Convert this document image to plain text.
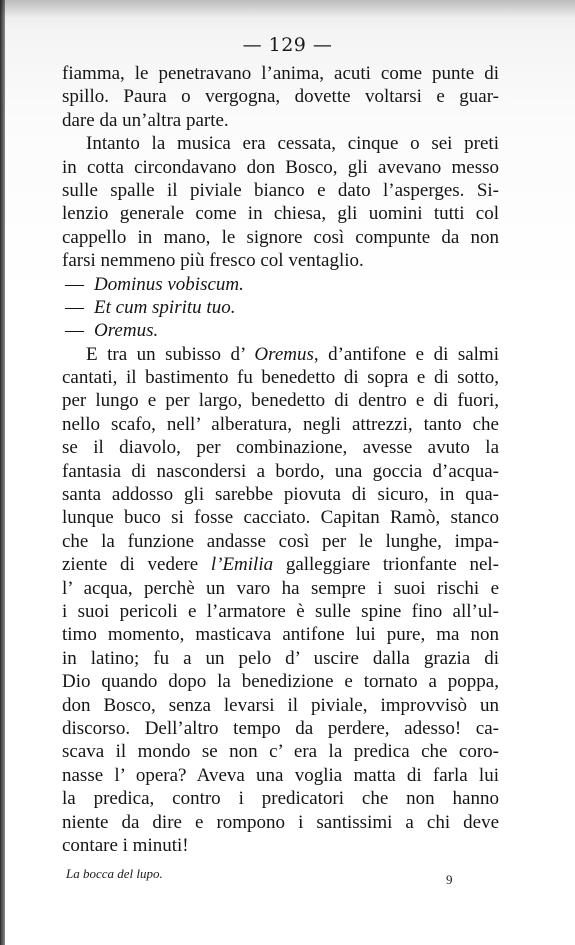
— 129 —
fiamma, le penetravano l’anima, acuti come punte di
spillo. Paura o vergogna, dovette voltarsi e guar-
dare da un’altra parte.
Intanto la musica era cessata, cinque o sei preti
in cotta circondavano don Bosco, gli avevano messo
sulle spalle il piviale bianco e dato l’asperges. Si-
lenzio generale come in chiesa, gli uomini tutti col
cappello in mano, le signore così compunte da non
farsi nemmeno più fresco col ventaglio.
— Dominus vobiscum.
— Et cum spiritu tuo.
— Oremus.
E tra un subisso d’ Oremus, d’antifone e di salmi
cantati, il bastimento fu benedetto di sopra e di sotto,
per lungo e per largo, benedetto di dentro e di fuori,
nello scafo, nell’ alberatura, negli attrezzi, tanto che
se il diavolo, per combinazione, avesse avuto la
fantasia di nascondersi a bordo, una goccia d’acqua-
santa addosso gli sarebbe piovuta di sicuro, in qua-
lunque buco si fosse cacciato. Capitan Ramò, stanco
che la funzione andasse così per le lunghe, impa-
ziente di vedere l’Emilia galleggiare trionfante nel-
l’ acqua, perchè un varo ha sempre i suoi rischi e
i suoi pericoli e l’armatore è sulle spine fino all’ul-
timo momento, masticava antifone lui pure, ma non
in latino; fu a un pelo d’ uscire dalla grazia di
Dio quando dopo la benedizione e tornato a poppa,
don Bosco, senza levarsi il piviale, improvvisò un
discorso. Dell’altro tempo da perdere, adesso! ca-
scava il mondo se non c’ era la predica che coro-
nasse l’ opera? Aveva una voglia matta di farla lui
la predica, contro i predicatori che non hanno
niente da dire e rompono i santissimi a chi deve
contare i minuti!
La bocca del lupo.	9
